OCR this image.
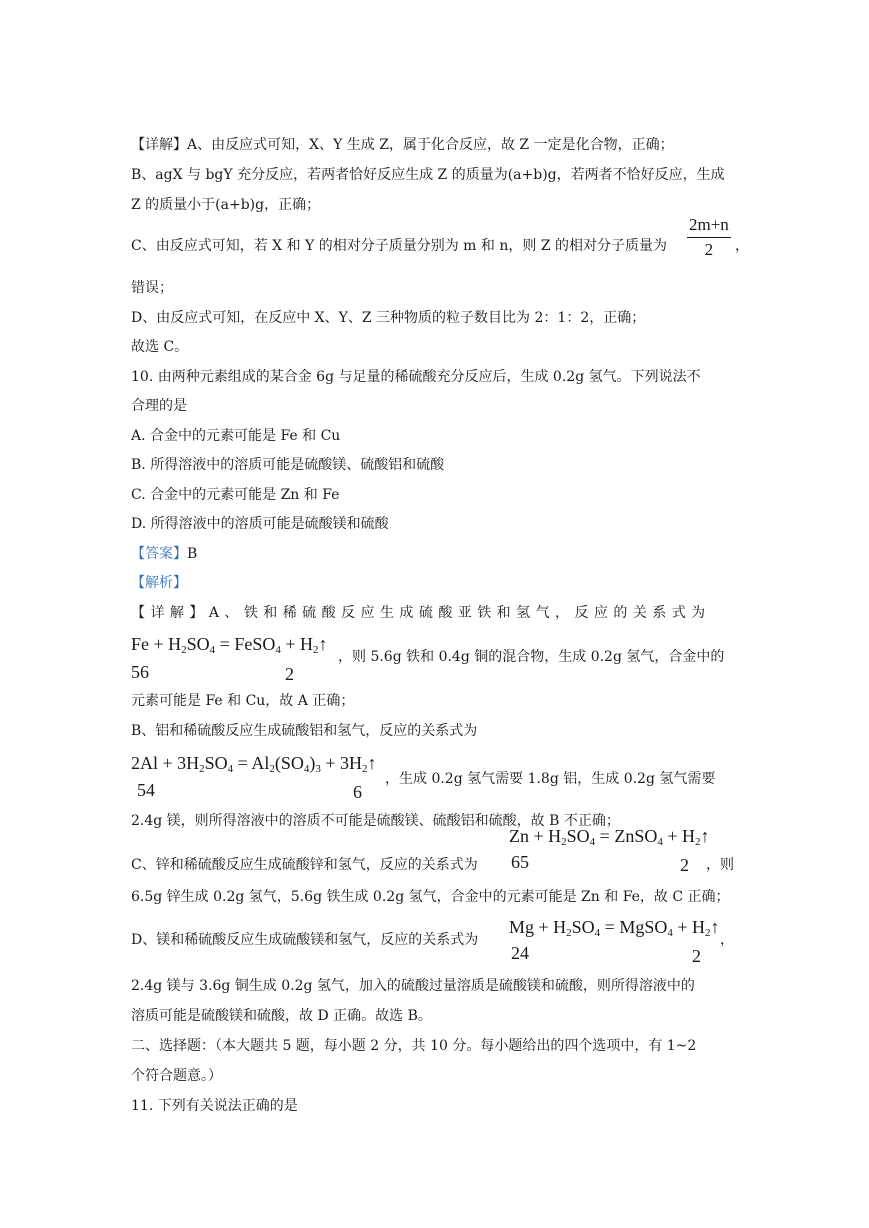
【详解】A、由反应式可知，X、Y 生成 Z，属于化合反应，故 Z 一定是化合物，正确；
B、agX 与 bgY 充分反应，若两者恰好反应生成 Z 的质量为(a+b)g，若两者不恰好反应，生成
Z 的质量小于(a+b)g，正确；
C、由反应式可知，若 X 和 Y 的相对分子质量分别为 m 和 n，则 Z 的相对分子质量为 $\frac{2m+n}{2}$ ，
错误；
D、由反应式可知，在反应中 X、Y、Z 三种物质的粒子数目比为 2：1：2，正确；
故选 C。
10. 由两种元素组成的某合金 6g 与足量的稀硫酸充分反应后，生成 0.2g 氢气。下列说法不
合理的是
A. 合金中的元素可能是 Fe 和 Cu
B. 所得溶液中的溶质可能是硫酸镁、硫酸铝和硫酸
C. 合金中的元素可能是 Zn 和 Fe
D. 所得溶液中的溶质可能是硫酸镁和硫酸
【答案】B
【解析】
【 详 解 】 A 、 铁 和 稀 硫 酸 反 应 生 成 硫 酸 亚 铁 和 氢 气 ， 反 应 的 关 系 式 为
$Fe + H_2SO_4$ = FeSO$_4$ + $H_2↑$
56	2
，则 5.6g 铁和 0.4g 铜的混合物，生成 0.2g 氢气，合金中的
元素可能是 Fe 和 Cu，故 A 正确；
B、铝和稀硫酸反应生成硫酸铝和氢气，反应的关系式为
$2Al + 3H_2SO_4 = Al_2(SO_4)_3$ + $3H_2↑$
54	6
，生成 0.2g 氢气需要 1.8g 铝，生成 0.2g 氢气需要
2.4g 镁，则所得溶液中的溶质不可能是硫酸镁、硫酸铝和硫酸，故 B 不正确；
C、锌和稀硫酸反应生成硫酸锌和氢气，反应的关系式为
$Zn + H_2SO_4$ = ZnSO$_4$ + $H_2↑$
65	2 ，则
6.5g 锌生成 0.2g 氢气，5.6g 铁生成 0.2g 氢气，合金中的元素可能是 Zn 和 Fe，故 C 正确；
D、镁和稀硫酸反应生成硫酸镁和氢气，反应的关系式为
$Mg + H_2SO_4$ = MgSO$_4$ + $H_2↑$
24	2
，
2.4g 镁与 3.6g 铜生成 0.2g 氢气，加入的硫酸过量溶质是硫酸镁和硫酸，则所得溶液中的
溶质可能是硫酸镁和硫酸，故 D 正确。故选 B。
二、选择题：（本大题共 5 题，每小题 2 分，共 10 分。每小题给出的四个选项中，有 1~2
个符合题意。）
11. 下列有关说法正确的是
